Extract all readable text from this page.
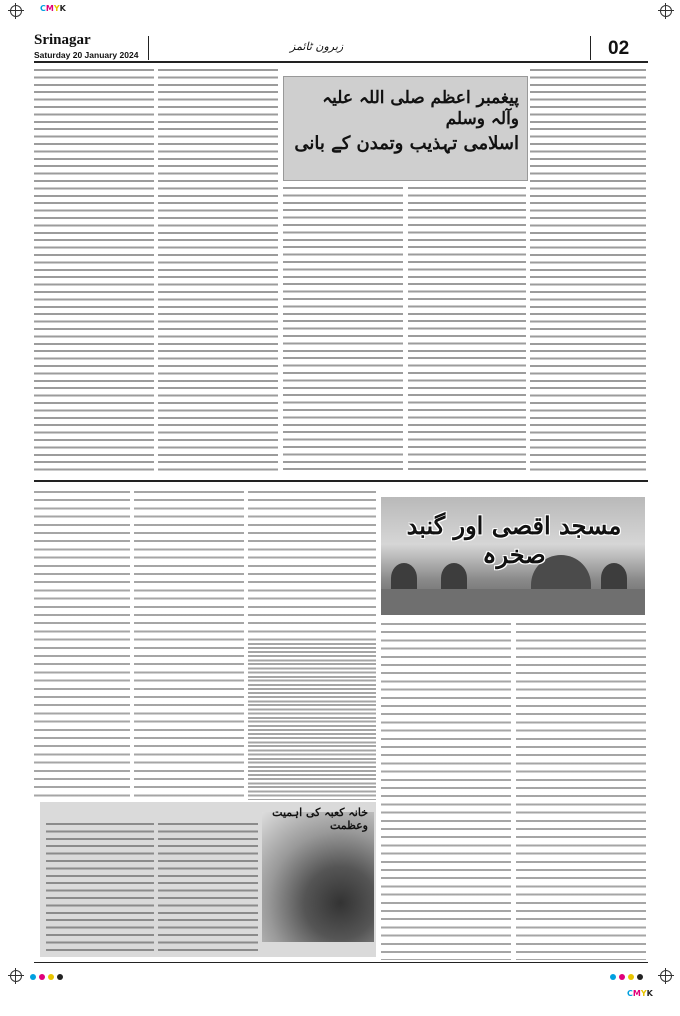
CMYK
CMYK
Srinagar
Saturday 20 January 2024
زبرون ٹائمز	02
پیغمبر اعظم صلی اللہ علیہ وآلہ وسلم
اسلامی تہذیب وتمدن کے بانی
مسجد اقصی اور گنبد صخرہ
خانہ کعبہ کی اہمیت وعظمت
